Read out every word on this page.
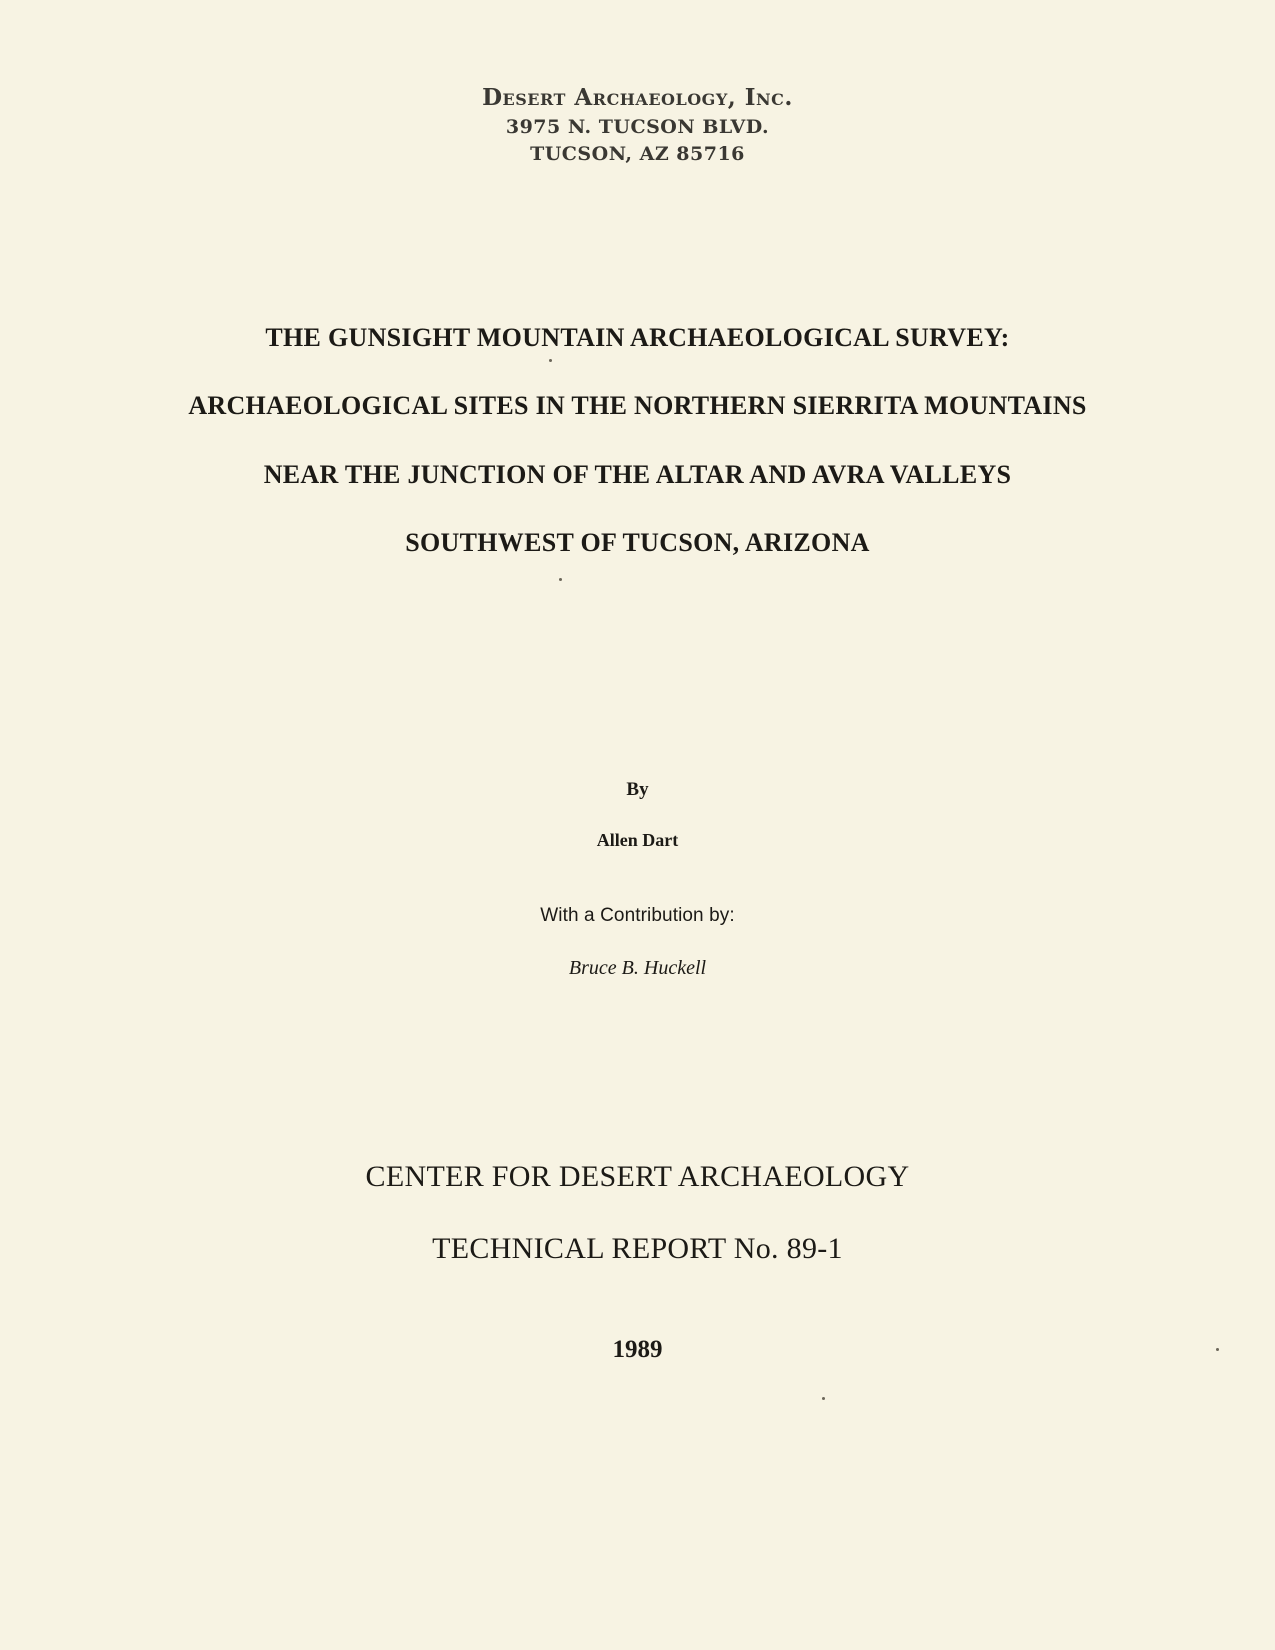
Desert Archaeology, Inc.
3975 N. TUCSON BLVD.
TUCSON, AZ 85716
THE GUNSIGHT MOUNTAIN ARCHAEOLOGICAL SURVEY:
ARCHAEOLOGICAL SITES IN THE NORTHERN SIERRITA MOUNTAINS
NEAR THE JUNCTION OF THE ALTAR AND AVRA VALLEYS
SOUTHWEST OF TUCSON, ARIZONA
By
Allen Dart
With a Contribution by:
Bruce B. Huckell
CENTER FOR DESERT ARCHAEOLOGY
TECHNICAL REPORT No. 89-1
1989
